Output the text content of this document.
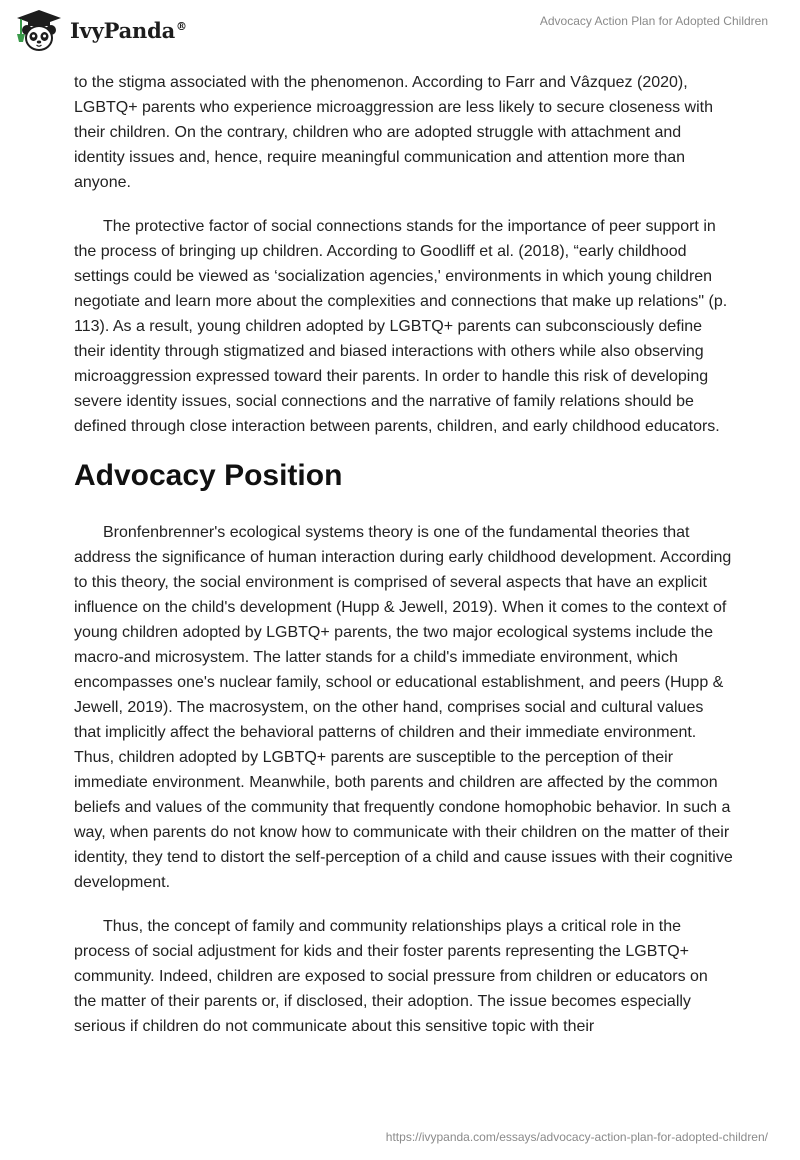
IvyPanda®	Advocacy Action Plan for Adopted Children

to the stigma associated with the phenomenon. According to Farr and Vâzquez (2020), LGBTQ+ parents who experience microaggression are less likely to secure closeness with their children. On the contrary, children who are adopted struggle with attachment and identity issues and, hence, require meaningful communication and attention more than anyone.

The protective factor of social connections stands for the importance of peer support in the process of bringing up children. According to Goodliff et al. (2018), “early childhood settings could be viewed as ‘socialization agencies,' environments in which young children negotiate and learn more about the complexities and connections that make up relations" (p. 113). As a result, young children adopted by LGBTQ+ parents can subconsciously define their identity through stigmatized and biased interactions with others while also observing microaggression expressed toward their parents. In order to handle this risk of developing severe identity issues, social connections and the narrative of family relations should be defined through close interaction between parents, children, and early childhood educators.

Advocacy Position

Bronfenbrenner's ecological systems theory is one of the fundamental theories that address the significance of human interaction during early childhood development. According to this theory, the social environment is comprised of several aspects that have an explicit influence on the child's development (Hupp & Jewell, 2019). When it comes to the context of young children adopted by LGBTQ+ parents, the two major ecological systems include the macro-and microsystem. The latter stands for a child's immediate environment, which encompasses one's nuclear family, school or educational establishment, and peers (Hupp & Jewell, 2019). The macrosystem, on the other hand, comprises social and cultural values that implicitly affect the behavioral patterns of children and their immediate environment. Thus, children adopted by LGBTQ+ parents are susceptible to the perception of their immediate environment. Meanwhile, both parents and children are affected by the common beliefs and values of the community that frequently condone homophobic behavior. In such a way, when parents do not know how to communicate with their children on the matter of their identity, they tend to distort the self-perception of a child and cause issues with their cognitive development.

Thus, the concept of family and community relationships plays a critical role in the process of social adjustment for kids and their foster parents representing the LGBTQ+ community. Indeed, children are exposed to social pressure from children or educators on the matter of their parents or, if disclosed, their adoption. The issue becomes especially serious if children do not communicate about this sensitive topic with their

https://ivypanda.com/essays/advocacy-action-plan-for-adopted-children/
